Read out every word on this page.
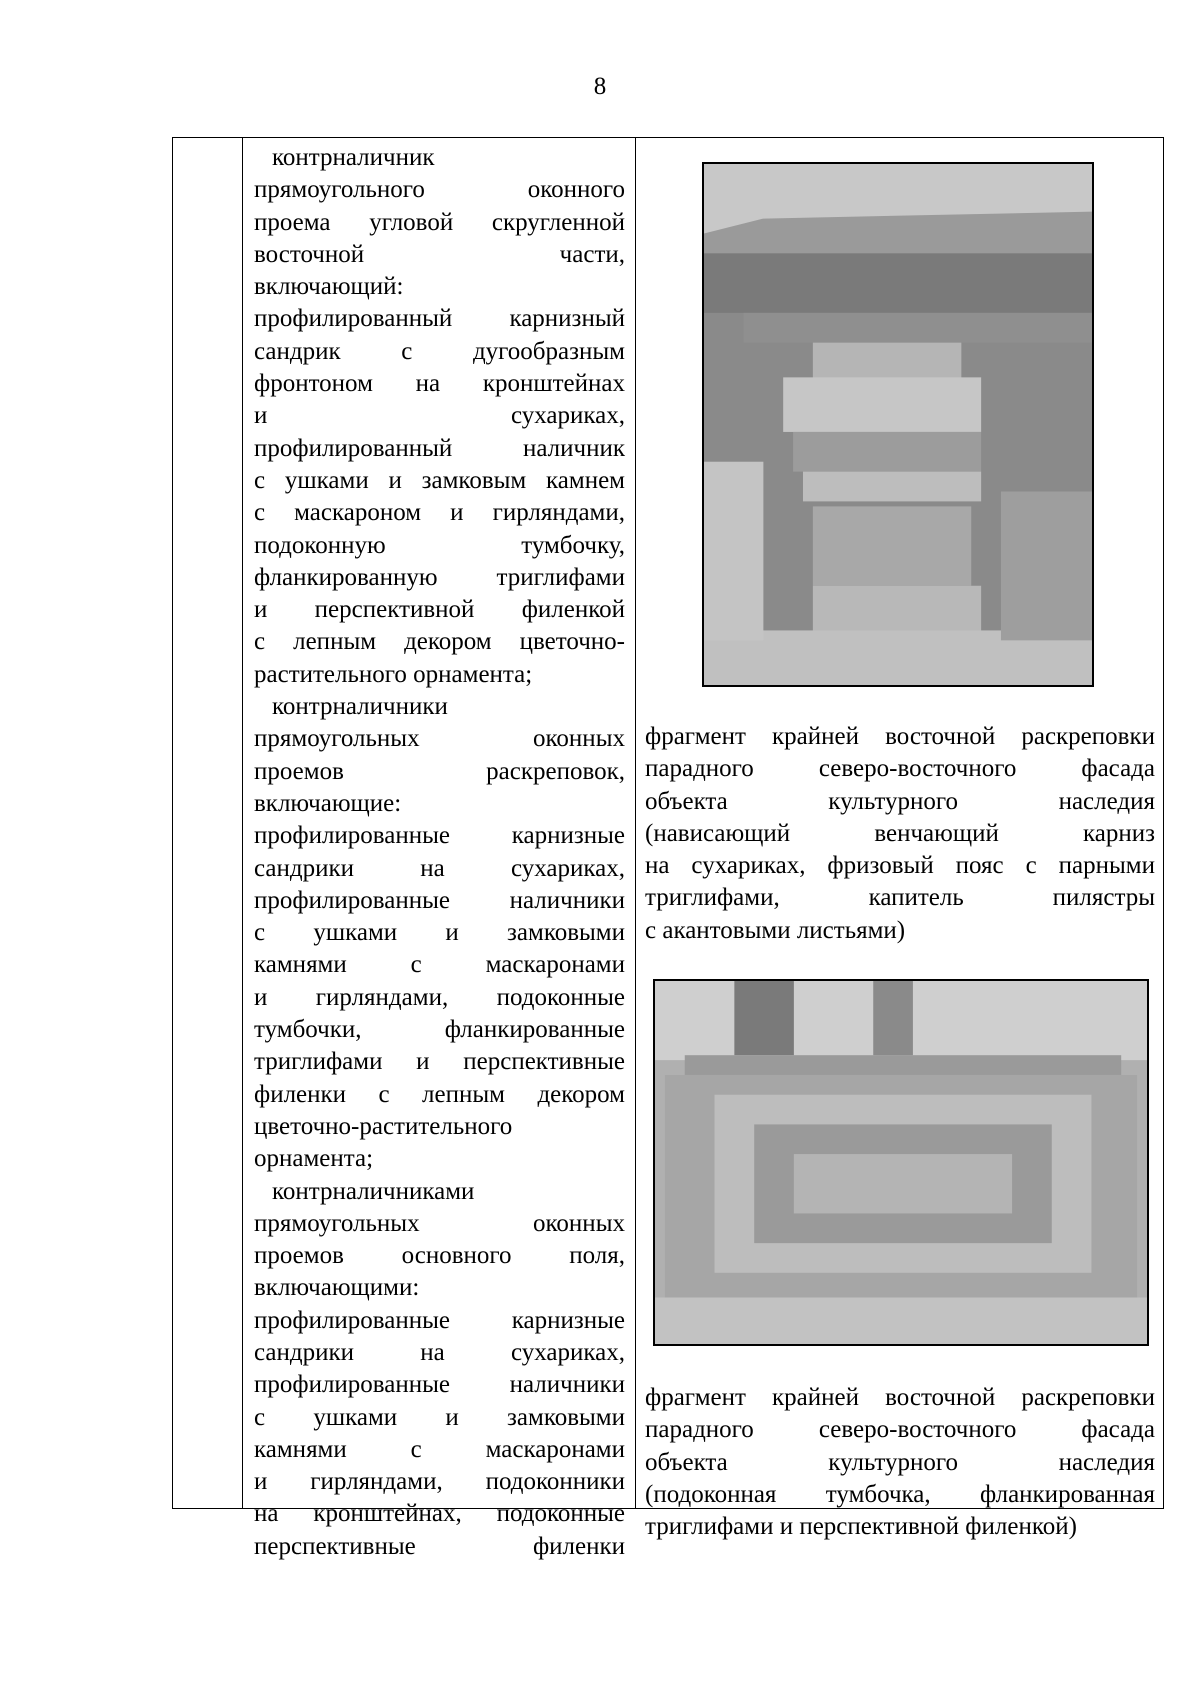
8
контрналичник
прямоугольного оконного
проема угловой скругленной
восточной части,
включающий:
профилированный карнизный
сандрик с дугообразным
фронтоном на кронштейнах
и сухариках,
профилированный наличник
с ушками и замковым камнем
с маскароном и гирляндами,
подоконную тумбочку,
фланкированную триглифами
и перспективной филенкой
с лепным декором цветочно-
растительного орнамента;
контрналичники
прямоугольных оконных
проемов раскреповок,
включающие:
профилированные карнизные
сандрики на сухариках,
профилированные наличники
с ушками и замковыми
камнями с маскаронами
и гирляндами, подоконные
тумбочки, фланкированные
триглифами и перспективные
филенки с лепным декором
цветочно-растительного
орнамента;
контрналичниками
прямоугольных оконных
проемов основного поля,
включающими:
профилированные карнизные
сандрики на сухариках,
профилированные наличники
с ушками и замковыми
камнями с маскаронами
и гирляндами, подоконники
на кронштейнах, подоконные
перспективные филенки
фрагмент крайней восточной раскреповки
парадного северо-восточного фасада
объекта культурного наследия
(нависающий венчающий карниз
на сухариках, фризовый пояс с парными
триглифами, капитель пилястры
с акантовыми листьями)
фрагмент крайней восточной раскреповки
парадного северо-восточного фасада
объекта культурного наследия
(подоконная тумбочка, фланкированная
триглифами и перспективной филенкой)
